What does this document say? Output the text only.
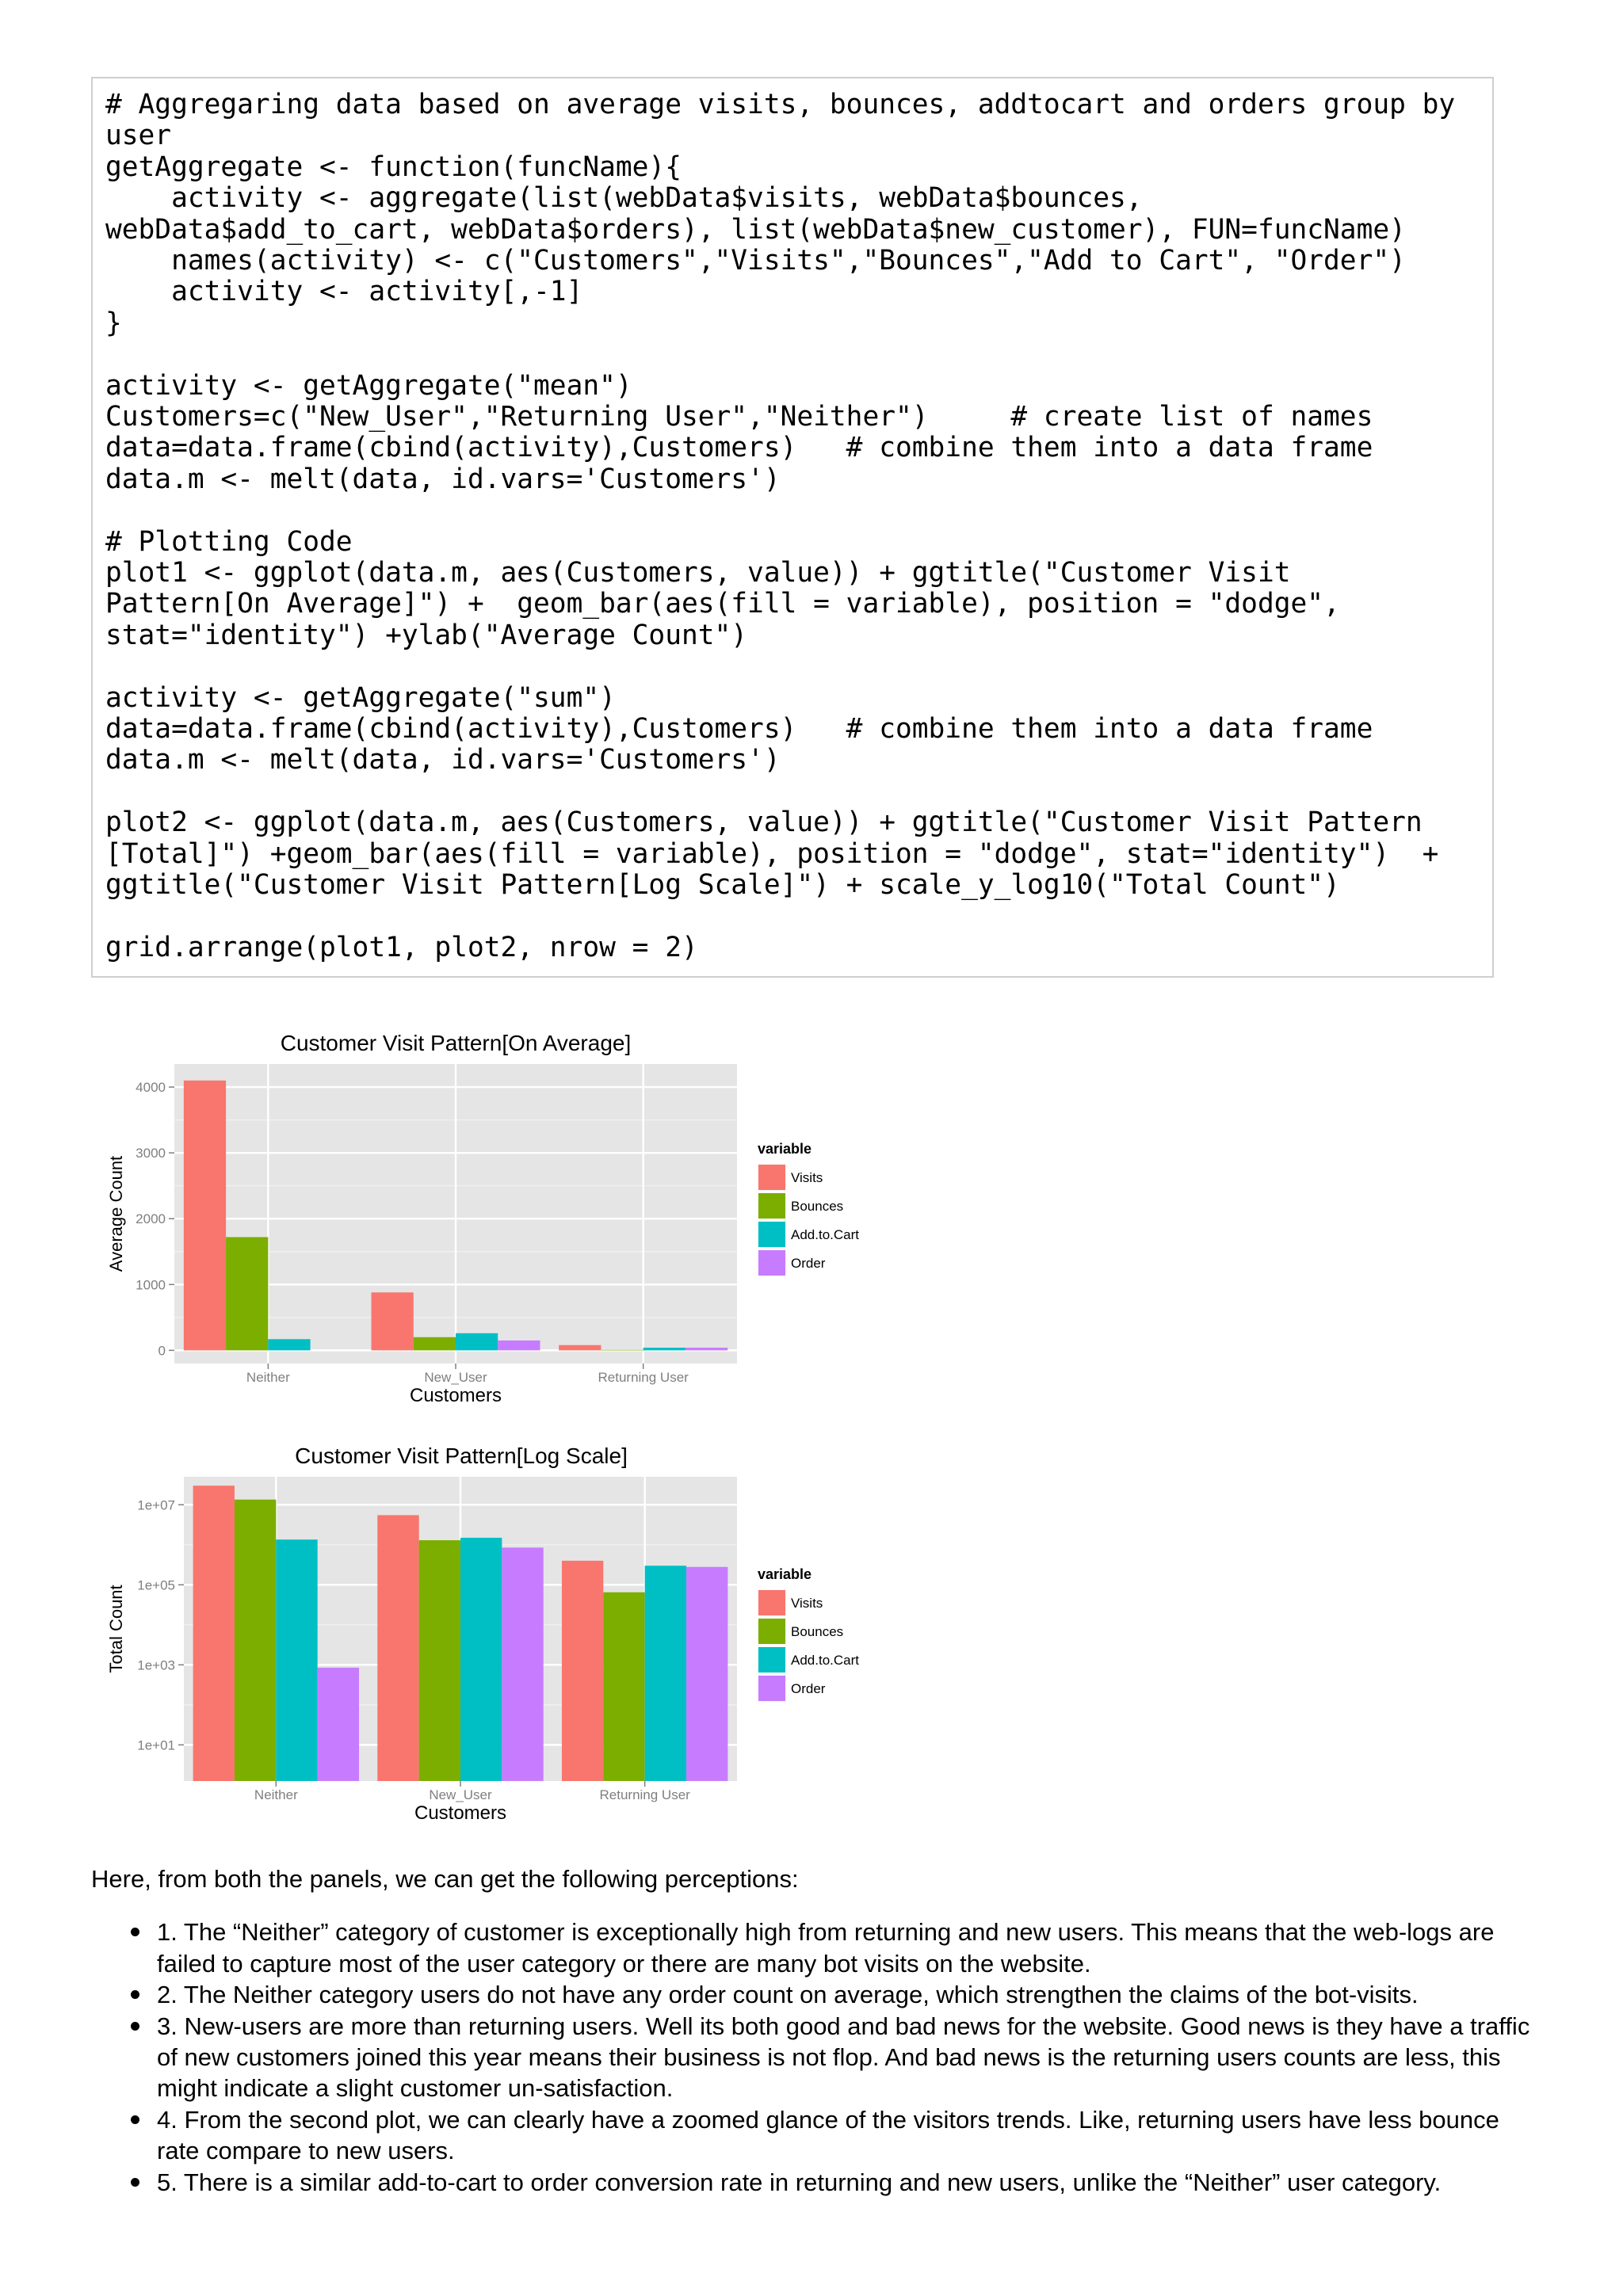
# Aggregaring data based on average visits, bounces, addtocart and orders group by
user
getAggregate <- function(funcName){
activity <- aggregate(list(webData$visits, webData$bounces,
webData$add_to_cart, webData$orders), list(webData$new_customer), FUN=funcName)
names(activity) <- c("Customers","Visits","Bounces","Add to Cart", "Order")
activity <- activity[,-1]
}
activity <- getAggregate("mean")
Customers=c("New_User","Returning User","Neither")     # create list of names
data=data.frame(cbind(activity),Customers)   # combine them into a data frame
data.m <- melt(data, id.vars='Customers')
# Plotting Code
plot1 <- ggplot(data.m, aes(Customers, value)) + ggtitle("Customer Visit
Pattern[On Average]") +  geom_bar(aes(fill = variable), position = "dodge",
stat="identity") +ylab("Average Count")
activity <- getAggregate("sum")
data=data.frame(cbind(activity),Customers)   # combine them into a data frame
data.m <- melt(data, id.vars='Customers')
plot2 <- ggplot(data.m, aes(Customers, value)) + ggtitle("Customer Visit Pattern
[Total]") +geom_bar(aes(fill = variable), position = "dodge", stat="identity")  +
ggtitle("Customer Visit Pattern[Log Scale]") + scale_y_log10("Total Count")
grid.arrange(plot1, plot2, nrow = 2)
0
1000
2000
3000
4000
Neither	New_User	Returning User
Customer Visit Pattern[On Average]
Customers
Average Count
variable
Visits
Bounces
Add.to.Cart
Order
1e+01
1e+03
1e+05
1e+07
Neither	New_User	Returning User
Customer Visit Pattern[Log Scale]
Customers
Total Count
variable
Visits
Bounces
Add.to.Cart
Order

Here, from both the panels, we can get the following perceptions:

1. The “Neither” category of customer is exceptionally high from returning and new users. This means that the web-logs are failed to capture most of the user category or there are many bot visits on the website.
2. The Neither category users do not have any order count on average, which strengthen the claims of the bot-visits.
3. New-users are more than returning users. Well its both good and bad news for the website. Good news is they have a traffic of new customers joined this year means their business is not flop. And bad news is the returning users counts are less, this might indicate a slight customer un-satisfaction.
4. From the second plot, we can clearly have a zoomed glance of the visitors trends. Like, returning users have less bounce rate compare to new users.
5. There is a similar add-to-cart to order conversion rate in returning and new users, unlike the “Neither” user category.
